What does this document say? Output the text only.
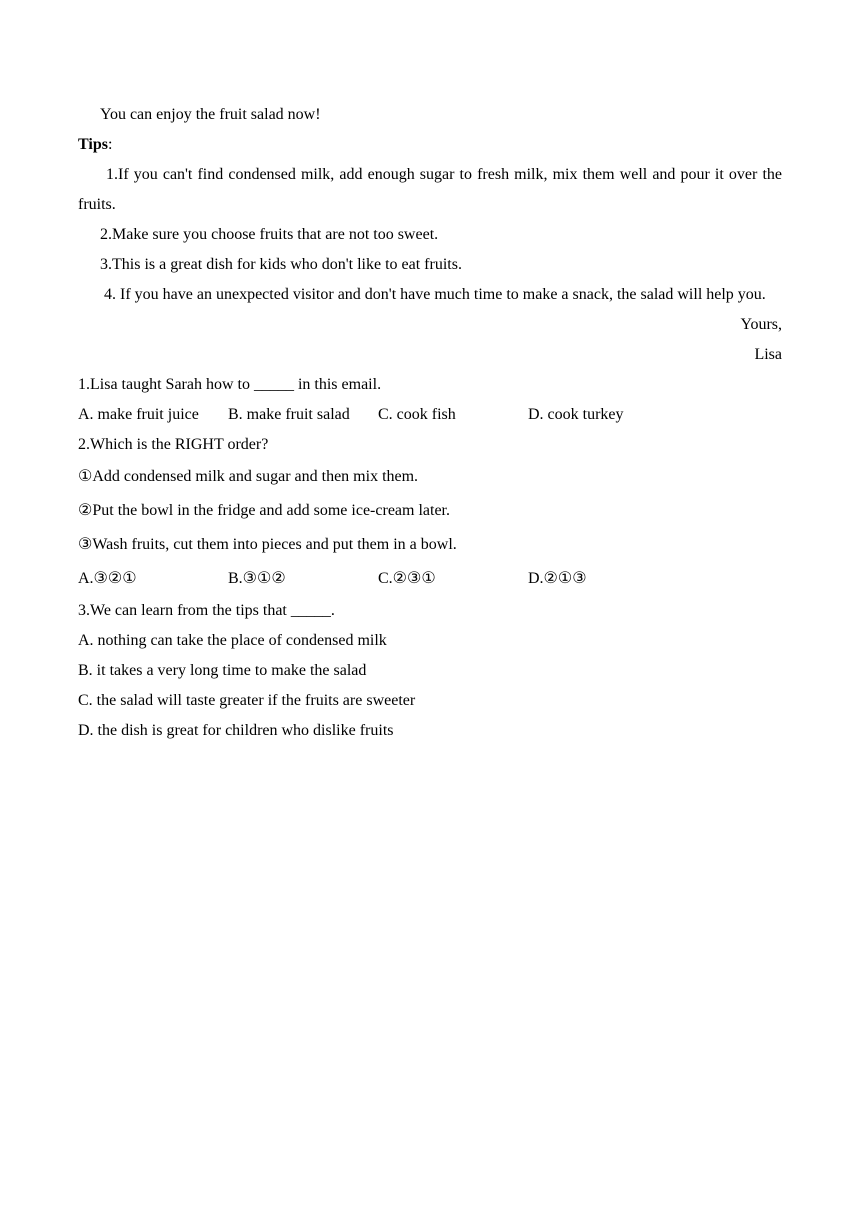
You can enjoy the fruit salad now!
Tips:
1.If you can't find condensed milk, add enough sugar to fresh milk, mix them well and pour it over the fruits.
2.Make sure you choose fruits that are not too sweet.
3.This is a great dish for kids who don't like to eat fruits.
4. If you have an unexpected visitor and don't have much time to make a snack, the salad will help you.
Yours,
Lisa
1.Lisa taught Sarah how to _____ in this email.
A. make fruit juice B. make fruit salad C. cook fish	D. cook turkey
2.Which is the RIGHT order?
①Add condensed milk and sugar and then mix them.
②Put the bowl in the fridge and add some ice-cream later.
③Wash fruits, cut them into pieces and put them in a bowl.
A.③②①	B.③①②	C.②③①	D.②①③
3.We can learn from the tips that _____.
A. nothing can take the place of condensed milk
B. it takes a very long time to make the salad
C. the salad will taste greater if the fruits are sweeter
D. the dish is great for children who dislike fruits
